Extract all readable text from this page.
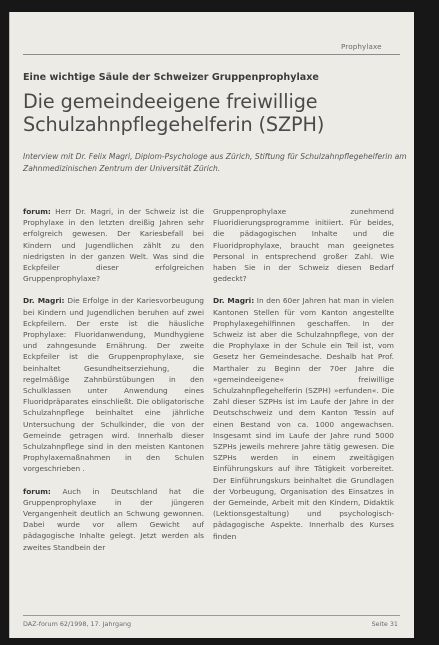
Prophylaxe
Eine wichtige Säule der Schweizer Gruppenprophylaxe
Die gemeindeeigene freiwillige Schulzahnpflegehelferin (SZPH)
Interview mit Dr. Felix Magri, Diplom-Psychologe aus Zürich, Stiftung für Schulzahnpflegehelferin am Zahnmedizinischen Zentrum der Universität Zürich.

forum: Herr Dr. Magri, in der Schweiz ist die Prophylaxe in den letzten dreißig Jahren sehr erfolgreich gewesen. Der Kariesbefall bei Kindern und Jugendlichen zählt zu den niedrigsten in der ganzen Welt. Was sind die Eckpfeiler dieser erfolgreichen Gruppenprophylaxe?

Dr. Magri: Die Erfolge in der Kariesvorbeugung bei Kindern und Jugendlichen beruhen auf zwei Eckpfeilern. Der erste ist die häusliche Prophylaxe: Fluoridanwendung, Mundhygiene und zahngesunde Ernährung. Der zweite Eckpfeiler ist die Gruppenprophylaxe, sie beinhaltet Gesundheitserziehung, die regelmäßige Zahnbürstübungen in den Schulklassen unter Anwendung eines Fluoridpräparates einschließt. Die obligatorische Schulzahnpflege beinhaltet eine jährliche Untersuchung der Schulkinder, die von der Gemeinde getragen wird. Innerhalb dieser Schulzahnpflege sind in den meisten Kantonen Prophylaxemaßnahmen in den Schulen vorgeschrieben .

forum: Auch in Deutschland hat die Gruppenprophylaxe in der jüngeren Vergangenheit deutlich an Schwung gewonnen. Dabei wurde vor allem Gewicht auf pädagogische Inhalte gelegt. Jetzt werden als zweites Standbein der

Gruppenprophylaxe zunehmend Fluoridierungsprogramme initiiert. Für beides, die pädagogischen Inhalte und die Fluoridprophylaxe, braucht man geeignetes Personal in entsprechend großer Zahl. Wie haben Sie in der Schweiz diesen Bedarf gedeckt?

Dr. Magri: In den 60er Jahren hat man in vielen Kantonen Stellen für vom Kanton angestellte Prophylaxegehilfinnen geschaffen. In der Schweiz ist aber die Schulzahnpflege, von der die Prophylaxe in der Schule ein Teil ist, vom Gesetz her Gemeindesache. Deshalb hat Prof. Marthaler zu Beginn der 70er Jahre die »gemeindeeigene« freiwillige Schulzahnpflegehelferin (SZPH) »erfunden«. Die Zahl dieser SZPHs ist im Laufe der Jahre in der Deutschschweiz und dem Kanton Tessin auf einen Bestand von ca. 1000 angewachsen. Insgesamt sind im Laufe der Jahre rund 5000 SZPHs jeweils mehrere Jahre tätig gewesen. Die SZPHs werden in einem zweitägigen Einführungskurs auf ihre Tätigkeit vorbereitet. Der Einführungskurs beinhaltet die Grundlagen der Vorbeugung, Organisation des Einsatzes in der Gemeinde, Arbeit mit den Kindern, Didaktik (Lektionsgestaltung) und psychologisch-pädagogische Aspekte. Innerhalb des Kurses finden

DAZ-forum 62/1998, 17. Jahrgang	Seite 31
